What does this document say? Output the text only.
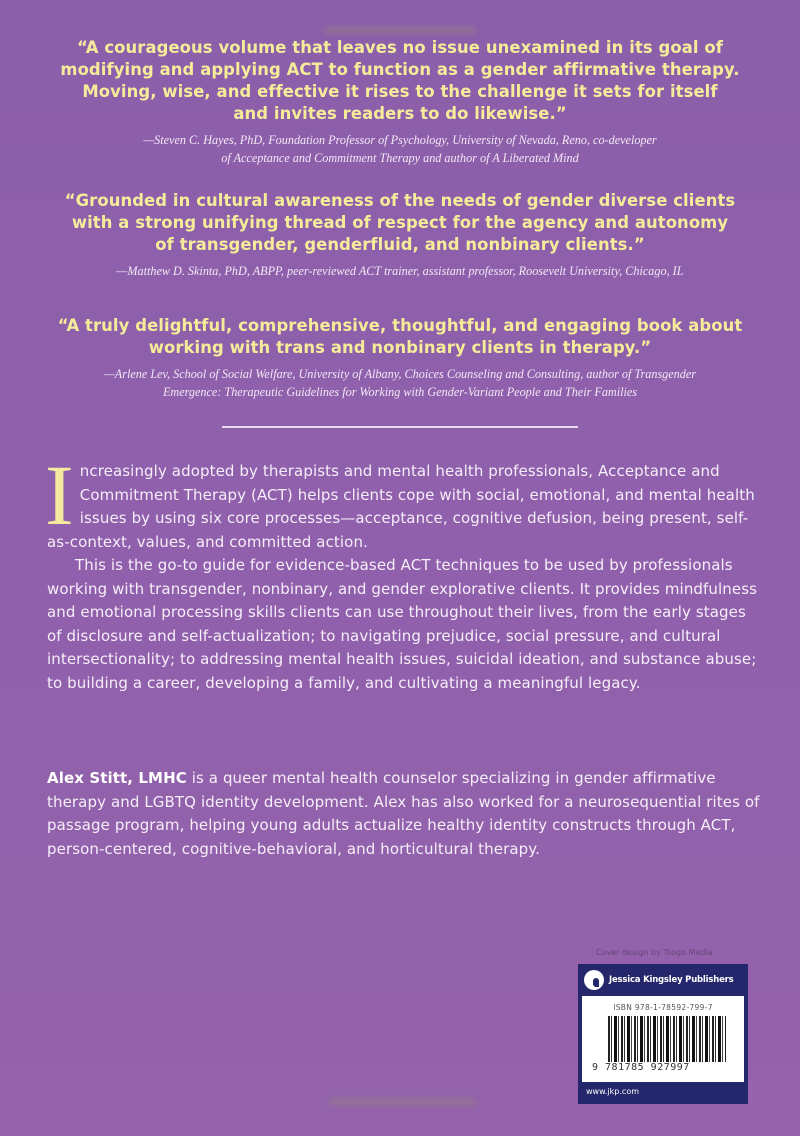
“A courageous volume that leaves no issue unexamined in its goal of
modifying and applying ACT to function as a gender affirmative therapy.
Moving, wise, and effective it rises to the challenge it sets for itself
and invites readers to do likewise.”

—Steven C. Hayes, PhD, Foundation Professor of Psychology, University of Nevada, Reno, co-developer
of Acceptance and Commitment Therapy and author of A Liberated Mind

“Grounded in cultural awareness of the needs of gender diverse clients
with a strong unifying thread of respect for the agency and autonomy
of transgender, genderfluid, and nonbinary clients.”

—Matthew D. Skinta, PhD, ABPP, peer-reviewed ACT trainer, assistant professor, Roosevelt University, Chicago, IL

“A truly delightful, comprehensive, thoughtful, and engaging book about
working with trans and nonbinary clients in therapy.”

—Arlene Lev, School of Social Welfare, University of Albany, Choices Counseling and Consulting, author of Transgender
Emergence: Therapeutic Guidelines for Working with Gender-Variant People and Their Families

Increasingly adopted by therapists and mental health professionals, Acceptance and Commitment Therapy (ACT) helps clients cope with social, emotional, and mental health issues by using six core processes—acceptance, cognitive defusion, being present, self-as-context, values, and committed action.

This is the go-to guide for evidence-based ACT techniques to be used by professionals working with transgender, nonbinary, and gender explorative clients. It provides mindfulness and emotional processing skills clients can use throughout their lives, from the early stages of disclosure and self-actualization; to navigating prejudice, social pressure, and cultural intersectionality; to addressing mental health issues, suicidal ideation, and substance abuse; to building a career, developing a family, and cultivating a meaningful legacy.

Alex Stitt, LMHC is a queer mental health counselor specializing in gender affirmative therapy and LGBTQ identity development. Alex has also worked for a neurosequential rites of passage program, helping young adults actualize healthy identity constructs through ACT, person-centered, cognitive-behavioral, and horticultural therapy.

Cover design by Tsogo Media
Jessica Kingsley Publishers
ISBN 978-1-78592-799-7
9 781785 927997
www.jkp.com
